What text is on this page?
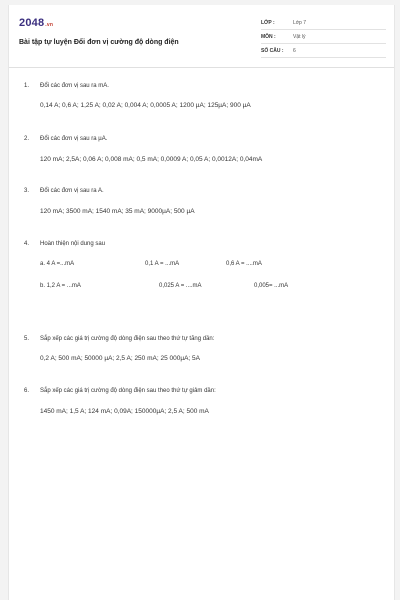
2048.vn
Bài tập tự luyện Đổi đơn vị cường độ dòng điện
LỚP :	Lớp 7
MÔN :	Vật lý
SỐ CÂU : 6
1. Đổi các đơn vị sau ra mA.
0,14 A; 0,6 A; 1,25 A; 0,02 A; 0,004 A; 0,0005 A; 1200 µA; 125µA; 900 µA
2. Đổi các đơn vị sau ra µA.
120 mA; 2,5A; 0,06 A; 0,008 mA; 0,5 mA; 0,0009 A; 0,05 A; 0,0012A; 0,04mA
3. Đổi các đơn vị sau ra A.
120 mA; 3500 mA; 1540 mA; 35 mA; 9000µA; 500 µA
4. Hoàn thiện nội dung sau
a. 4 A =...mA	0,1 A = ...mA	0,6 A = ....mA
b. 1,2 A = ...mA	0,025 A = ....mA	0,005= ...mA
5. Sắp xếp các giá trị cường độ dòng điện sau theo thứ tự tăng dần:
0,2 A; 500 mA; 50000 µA; 2,5 A; 250 mA; 25 000µA; 5A
6. Sắp xếp các giá trị cường độ dòng điện sau theo thứ tự giảm dần:
1450 mA; 1,5 A; 124 mA; 0,09A; 150000µA; 2,5 A; 500 mA
